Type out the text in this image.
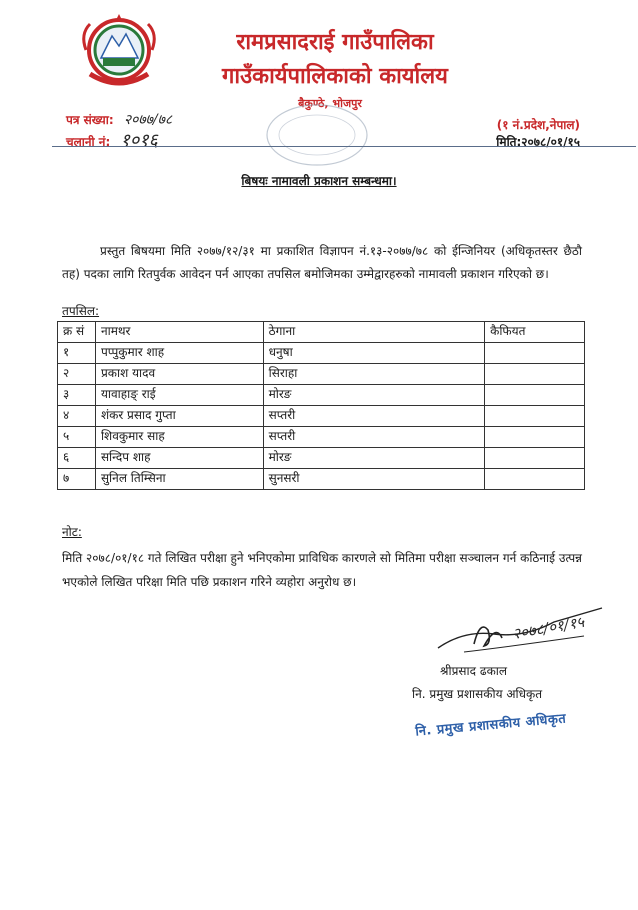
रामप्रसादराई गाउँपालिका
गाउँकार्यपालिकाको कार्यालय
बैकुण्ठे, भोजपुर
पत्र संख्या: २०७७/७८
चलानी नं: १०१६
(१ नं.प्रदेश,नेपाल)
मिति:२०७८/०१/१५
बिषयः नामावली प्रकाशन सम्बन्धमा।
प्रस्तुत बिषयमा मिति २०७७/१२/३१ मा प्रकाशित विज्ञापन नं.१३-२०७७/७८ को ईन्जिनियर (अधिकृतस्तर छैठौ तह) पदका लागि रितपुर्वक आवेदन पर्न आएका तपसिल बमोजिमका उम्मेद्वारहरुको नामावली प्रकाशन गरिएको छ।
तपसिल:
क्र सं	नामथर	ठेगाना	कैफियत
१	पप्पुकुमार शाह	धनुषा	
२	प्रकाश यादव	सिराहा	
३	यावाहाङ् राई	मोरङ	
४	शंकर प्रसाद गुप्ता	सप्तरी	
५	शिवकुमार साह	सप्तरी	
६	सन्दिप शाह	मोरङ	
७	सुनिल तिम्सिना	सुनसरी	
नोट:
मिति २०७८/०१/१८ गते लिखित परीक्षा हुने भनिएकोमा प्राविधिक कारणले सो मितिमा परीक्षा सञ्चालन गर्न कठिनाई उत्पन्न भएकोले लिखित परिक्षा मिति पछि प्रकाशन गरिने व्यहोरा अनुरोध छ।
२०७८/०१/१५
श्रीप्रसाद ढकाल
नि. प्रमुख प्रशासकीय अधिकृत
नि. प्रमुख प्रशासकीय अधिकृत
